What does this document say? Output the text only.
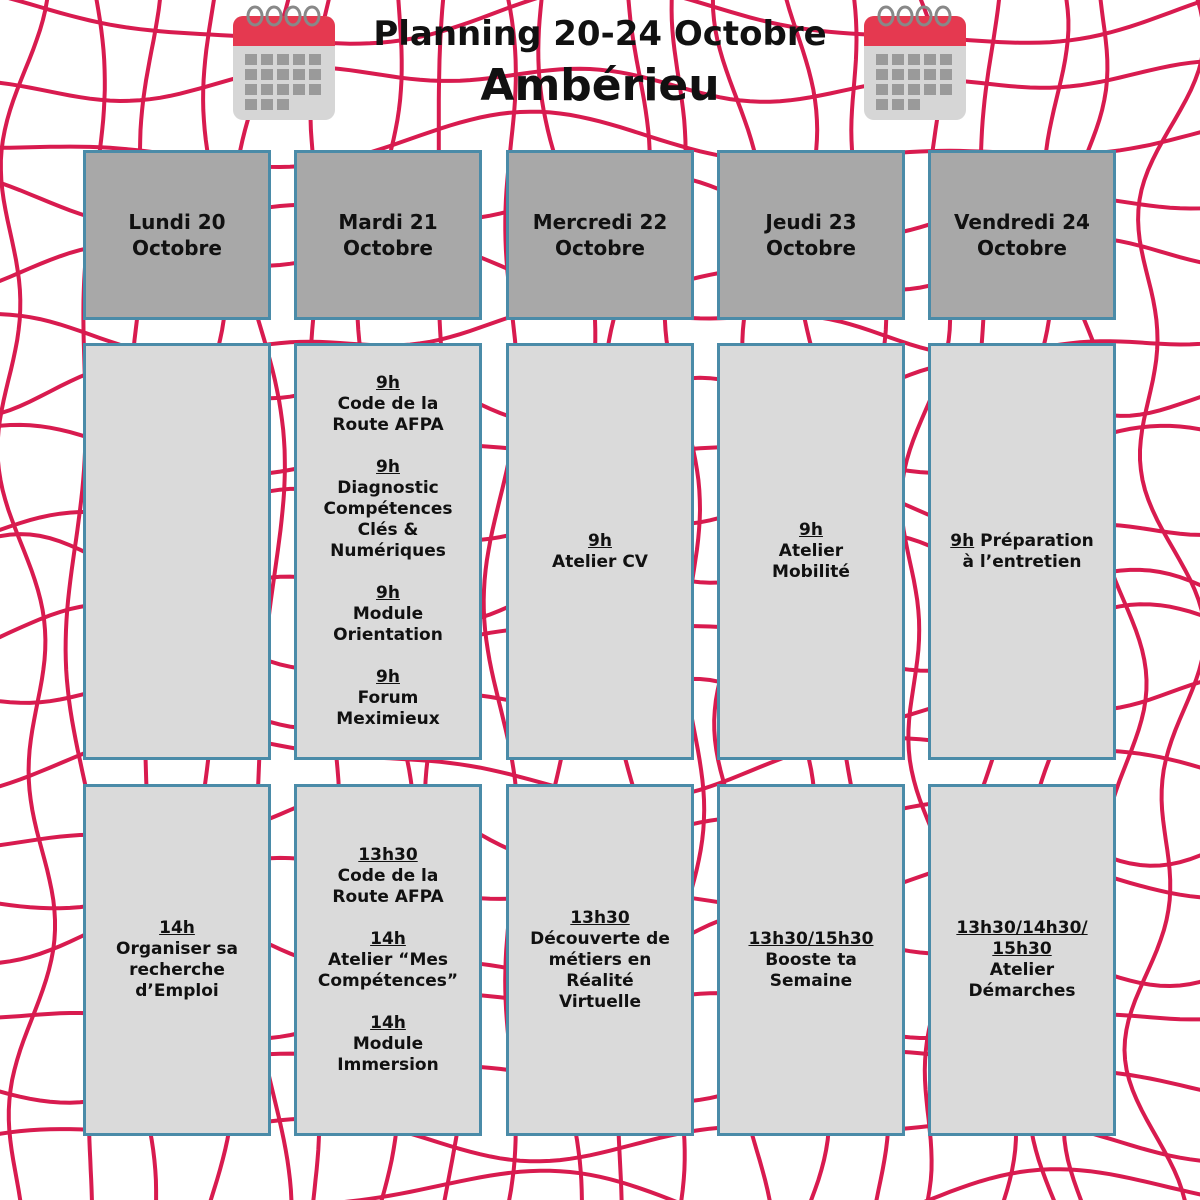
Planning 20-24 Octobre
Ambérieu
Lundi 20
Octobre
Mardi 21
Octobre
Mercredi 22
Octobre
Jeudi 23
Octobre
Vendredi 24
Octobre
9h
Code de la Route AFPA
9h
Diagnostic Compétences Clés & Numériques
9h
Module Orientation
9h
Forum Meximieux
9h
Atelier CV
9h
Atelier Mobilité
9h Préparation à l’entretien
14h
Organiser sa recherche d’Emploi
13h30
Code de la Route AFPA
14h
Atelier “Mes Compétences”
14h
Module Immersion
13h30
Découverte de métiers en Réalité Virtuelle
13h30/15h30
Booste ta Semaine
13h30/14h30/ 15h30
Atelier Démarches
